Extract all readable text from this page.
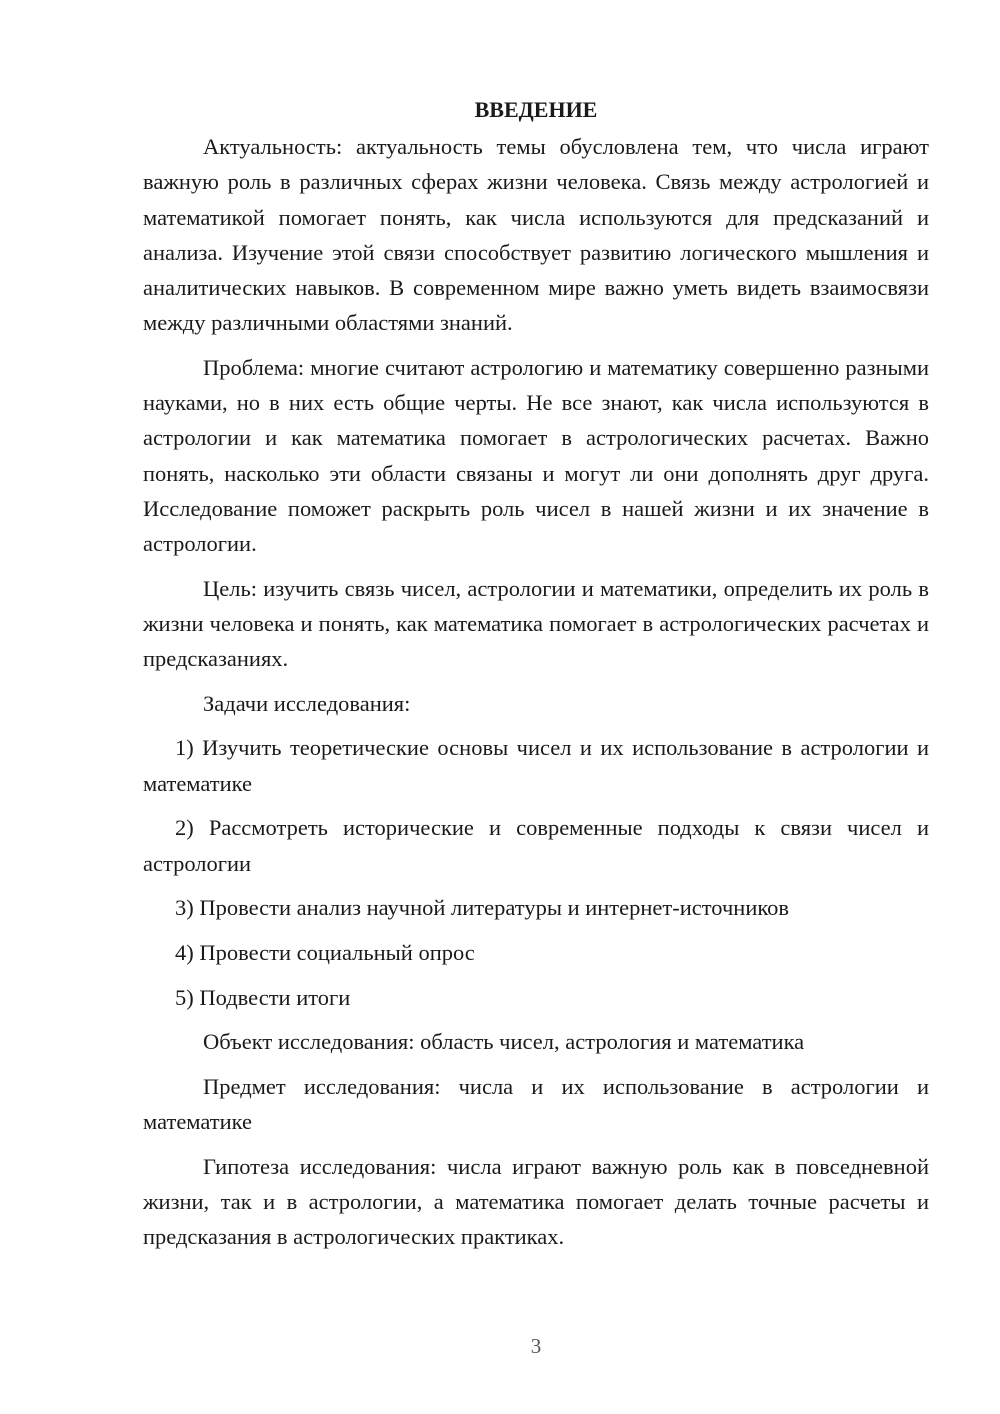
ВВЕДЕНИЕ

Актуальность: актуальность темы обусловлена тем, что числа играют важную роль в различных сферах жизни человека. Связь между астрологией и математикой помогает понять, как числа используются для предсказаний и анализа. Изучение этой связи способствует развитию логического мышления и аналитических навыков. В современном мире важно уметь видеть взаимосвязи между различными областями знаний.

Проблема: многие считают астрологию и математику совершенно разными науками, но в них есть общие черты. Не все знают, как числа используются в астрологии и как математика помогает в астрологических расчетах. Важно понять, насколько эти области связаны и могут ли они дополнять друг друга. Исследование поможет раскрыть роль чисел в нашей жизни и их значение в астрологии.

Цель: изучить связь чисел, астрологии и математики, определить их роль в жизни человека и понять, как математика помогает в астрологических расчетах и предсказаниях.

Задачи исследования:

1) Изучить теоретические основы чисел и их использование в астрологии и математике

2) Рассмотреть исторические и современные подходы к связи чисел и астрологии

3) Провести анализ научной литературы и интернет-источников

4) Провести социальный опрос

5) Подвести итоги

Объект исследования: область чисел, астрология и математика

Предмет исследования: числа и их использование в астрологии и математике

Гипотеза исследования: числа играют важную роль как в повседневной жизни, так и в астрологии, а математика помогает делать точные расчеты и предсказания в астрологических практиках.

3
